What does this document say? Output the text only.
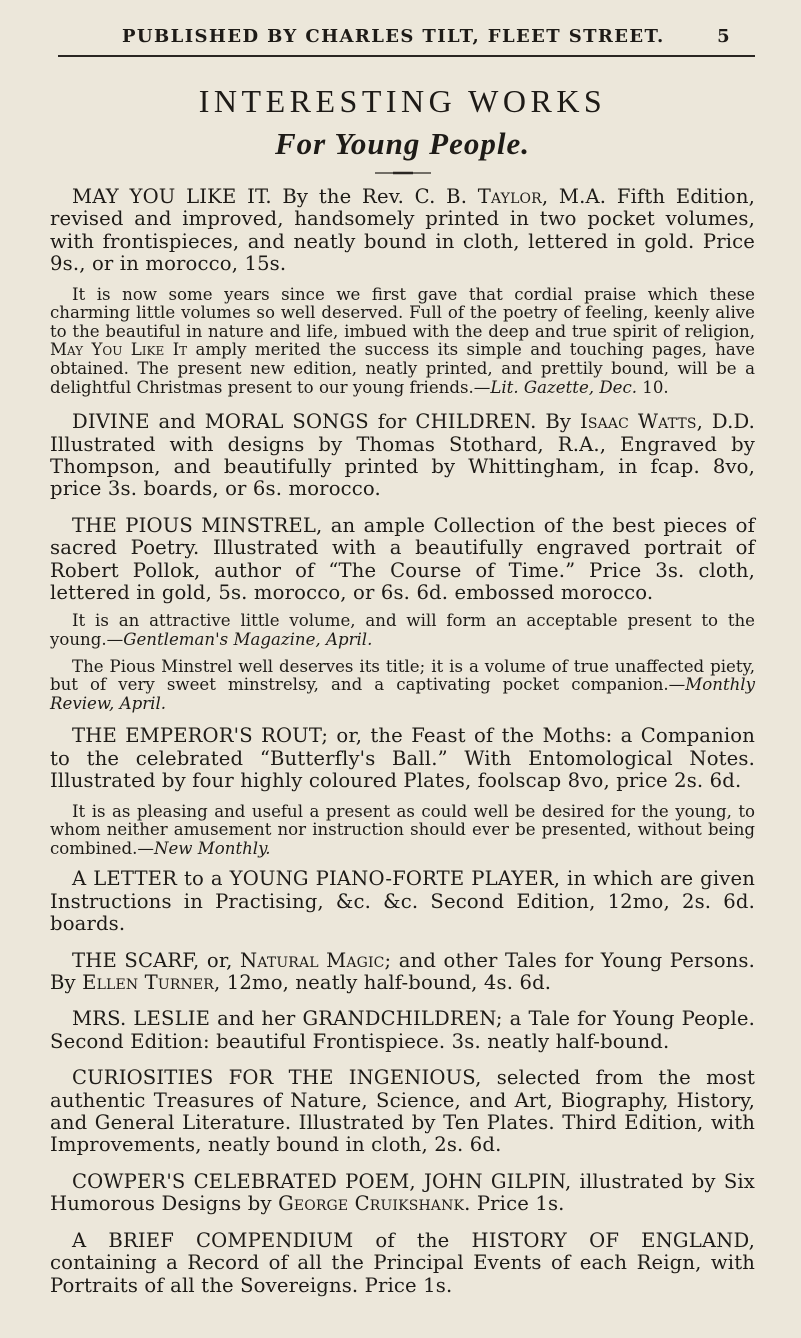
PUBLISHED BY CHARLES TILT, FLEET STREET.	5
INTERESTING WORKS
For Young People.

MAY YOU LIKE IT. By the Rev. C. B. Taylor, M.A. Fifth Edition, revised and improved, handsomely printed in two pocket volumes, with frontispieces, and neatly bound in cloth, lettered in gold. Price 9s., or in morocco, 15s.

It is now some years since we first gave that cordial praise which these charming little volumes so well deserved. Full of the poetry of feeling, keenly alive to the beautiful in nature and life, imbued with the deep and true spirit of religion, May You Like It amply merited the success its simple and touching pages, have obtained. The present new edition, neatly printed, and prettily bound, will be a delightful Christmas present to our young friends.—Lit. Gazette, Dec. 10.

DIVINE and MORAL SONGS for CHILDREN. By Isaac Watts, D.D. Illustrated with designs by Thomas Stothard, R.A., Engraved by Thompson, and beautifully printed by Whittingham, in fcap. 8vo, price 3s. boards, or 6s. morocco.

THE PIOUS MINSTREL, an ample Collection of the best pieces of sacred Poetry. Illustrated with a beautifully engraved portrait of Robert Pollok, author of “The Course of Time.” Price 3s. cloth, lettered in gold, 5s. morocco, or 6s. 6d. embossed morocco.

It is an attractive little volume, and will form an acceptable present to the young.—Gentleman's Magazine, April.

The Pious Minstrel well deserves its title; it is a volume of true unaffected piety, but of very sweet minstrelsy, and a captivating pocket companion.—Monthly Review, April.

THE EMPEROR'S ROUT; or, the Feast of the Moths: a Companion to the celebrated “Butterfly's Ball.” With Entomological Notes. Illustrated by four highly coloured Plates, foolscap 8vo, price 2s. 6d.

It is as pleasing and useful a present as could well be desired for the young, to whom neither amusement nor instruction should ever be presented, without being combined.—New Monthly.

A LETTER to a YOUNG PIANO-FORTE PLAYER, in which are given Instructions in Practising, &c. &c. Second Edition, 12mo, 2s. 6d. boards.

THE SCARF, or, Natural Magic; and other Tales for Young Persons. By Ellen Turner, 12mo, neatly half-bound, 4s. 6d.

MRS. LESLIE and her GRANDCHILDREN; a Tale for Young People. Second Edition: beautiful Frontispiece. 3s. neatly half-bound.

CURIOSITIES FOR THE INGENIOUS, selected from the most authentic Treasures of Nature, Science, and Art, Biography, History, and General Literature. Illustrated by Ten Plates. Third Edition, with Improvements, neatly bound in cloth, 2s. 6d.

COWPER'S CELEBRATED POEM, JOHN GILPIN, illustrated by Six Humorous Designs by George Cruikshank. Price 1s.

A BRIEF COMPENDIUM of the HISTORY OF ENGLAND, containing a Record of all the Principal Events of each Reign, with Portraits of all the Sovereigns. Price 1s.
